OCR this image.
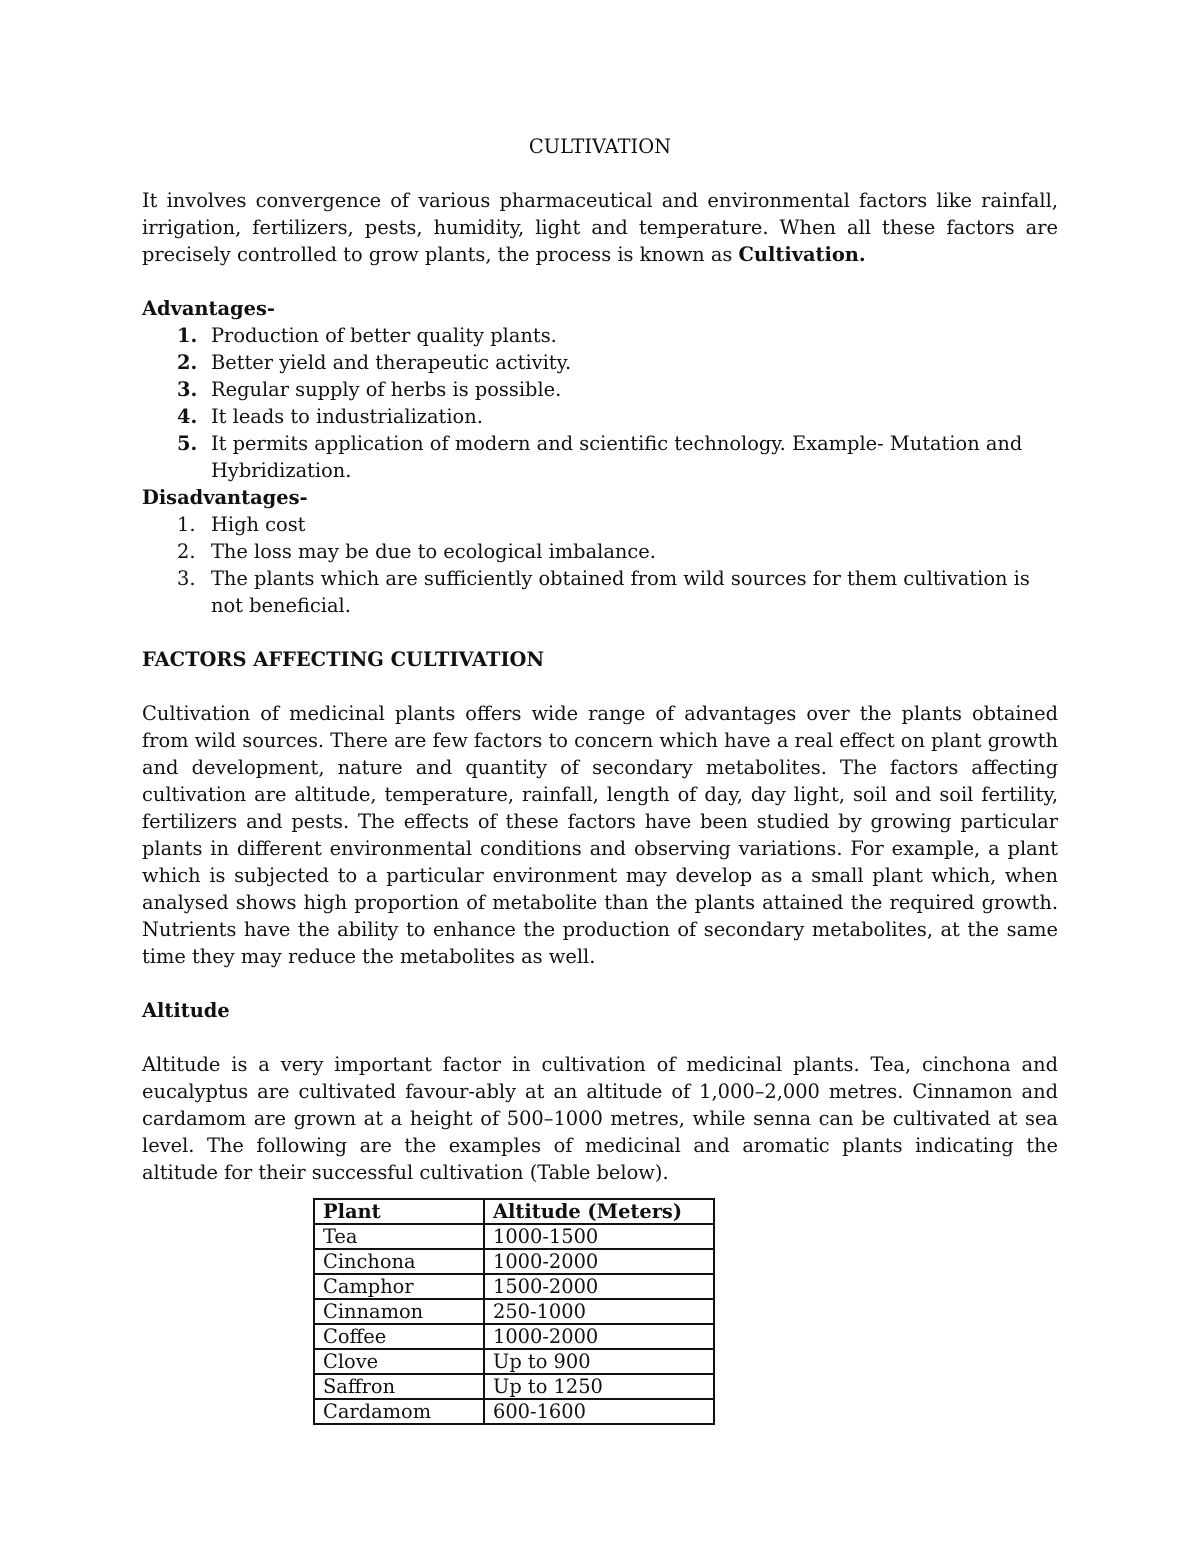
CULTIVATION

It involves convergence of various pharmaceutical and environmental factors like rainfall, irrigation, fertilizers, pests, humidity, light and temperature. When all these factors are precisely controlled to grow plants, the process is known as Cultivation.

Advantages-
1. Production of better quality plants.
2. Better yield and therapeutic activity.
3. Regular supply of herbs is possible.
4. It leads to industrialization.
5. It permits application of modern and scientific technology. Example- Mutation and Hybridization.
Disadvantages-
1. High cost
2. The loss may be due to ecological imbalance.
3. The plants which are sufficiently obtained from wild sources for them cultivation is not beneficial.
FACTORS AFFECTING CULTIVATION

Cultivation of medicinal plants offers wide range of advantages over the plants obtained from wild sources. There are few factors to concern which have a real effect on plant growth and development, nature and quantity of secondary metabolites. The factors affecting cultivation are altitude, temperature, rainfall, length of day, day light, soil and soil fertility, fertilizers and pests. The effects of these factors have been studied by growing particular plants in different environmental conditions and observing variations. For example, a plant which is subjected to a particular environment may develop as a small plant which, when analysed shows high proportion of metabolite than the plants attained the required growth. Nutrients have the ability to enhance the production of secondary metabolites, at the same time they may reduce the metabolites as well.

Altitude

Altitude is a very important factor in cultivation of medicinal plants. Tea, cinchona and eucalyptus are cultivated favour-ably at an altitude of 1,000–2,000 metres. Cinnamon and cardamom are grown at a height of 500–1000 metres, while senna can be cultivated at sea level. The following are the examples of medicinal and aromatic plants indicating the altitude for their successful cultivation (Table below).

Plant	Altitude (Meters)
Tea	1000-1500
Cinchona	1000-2000
Camphor	1500-2000
Cinnamon	250-1000
Coffee	1000-2000
Clove	Up to 900
Saffron	Up to 1250
Cardamom	600-1600
